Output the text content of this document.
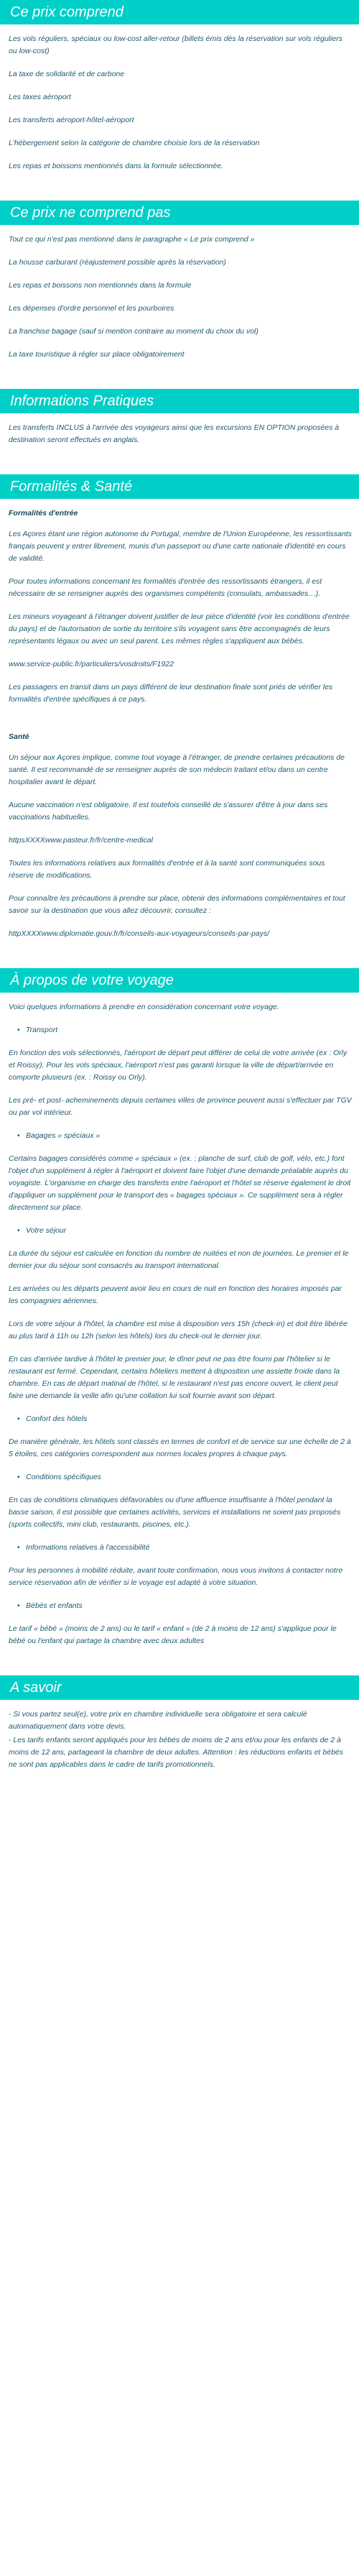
Ce prix comprend

Les vols réguliers, spéciaux ou low-cost aller-retour (billets émis dès la réservation sur vols réguliers ou low-cost)

La taxe de solidarité et de carbone

Les taxes aéroport

Les transferts aéroport-hôtel-aéroport

L'hébergement selon la catégorie de chambre choisie lors de la réservation

Les repas et boissons mentionnés dans la formule sélectionnée.

Ce prix ne comprend pas

Tout ce qui n'est pas mentionné dans le paragraphe « Le prix comprend »

La housse carburant (réajustement possible après la réservation)

Les repas et boissons non mentionnés dans la formule

Les dépenses d'ordre personnel et les pourboires

La franchise bagage (sauf si mention contraire au moment du choix du vol)

La taxe touristique à régler sur place obligatoirement

Informations Pratiques

Les transferts INCLUS à l'arrivée des voyageurs ainsi que les excursions EN OPTION proposées à destination seront effectués en anglais.

Formalités & Santé

Formalités d'entrée

Les Açores étant une région autonome du Portugal, membre de l'Union Européenne, les ressortissants français peuvent y entrer librement, munis d'un passeport ou d'une carte nationale d'identité en cours de validité.

Pour toutes informations concernant les formalités d'entrée des ressortissants étrangers, il est nécessaire de se renseigner auprès des organismes compétents (consulats, ambassades…).

Les mineurs voyageant à l'étranger doivent justifier de leur pièce d'identité (voir les conditions d'entrée du pays) et de l'autorisation de sortie du territoire s'ils voyagent sans être accompagnés de leurs représentants légaux ou avec un seul parent. Les mêmes règles s'appliquent aux bébés.

www.service-public.fr/particuliers/vosdroits/F1922

Les passagers en transit dans un pays différent de leur destination finale sont priés de vérifier les formalités d'entrée spécifiques à ce pays.

Santé

Un séjour aux Açores implique, comme tout voyage à l'étranger, de prendre certaines précautions de santé. Il est recommandé de se renseigner auprès de son médecin traitant et/ou dans un centre hospitalier avant le départ.

Aucune vaccination n'est obligatoire. Il est toutefois conseillé de s'assurer d'être à jour dans ses vaccinations habituelles.

httpsXXXXwww.pasteur.fr/fr/centre-medical

Toutes les informations relatives aux formalités d'entrée et à la santé sont communiquées sous réserve de modifications.

Pour connaître les précautions à prendre sur place, obtenir des informations complémentaires et tout savoir sur la destination que vous allez découvrir, consultez :

httpXXXXwww.diplomatie.gouv.fr/fr/conseils-aux-voyageurs/conseils-par-pays/

À propos de votre voyage

Voici quelques informations à prendre en considération concernant votre voyage.

• Transport

En fonction des vols sélectionnés, l'aéroport de départ peut différer de celui de votre arrivée (ex : Orly et Roissy). Pour les vols spéciaux, l'aéroport n'est pas garanti lorsque la ville de départ/arrivée en comporte plusieurs (ex. : Roissy ou Orly).

Les pré- et post- acheminements depuis certaines villes de province peuvent aussi s'effectuer par TGV ou par vol intérieur.

• Bagages « spéciaux »

Certains bagages considérés comme « spéciaux » (ex. : planche de surf, club de golf, vélo, etc.) font l'objet d'un supplément à régler à l'aéroport et doivent faire l'objet d'une demande préalable auprès du voyagiste. L'organisme en charge des transferts entre l'aéroport et l'hôtel se réserve également le droit d'appliquer un supplément pour le transport des « bagages spéciaux ». Ce supplément sera à régler directement sur place.

• Votre séjour

La durée du séjour est calculée en fonction du nombre de nuitées et non de journées. Le premier et le dernier jour du séjour sont consacrés au transport international.

Les arrivées ou les départs peuvent avoir lieu en cours de nuit en fonction des horaires imposés par les compagnies aériennes.

Lors de votre séjour à l'hôtel, la chambre est mise à disposition vers 15h (check-in) et doit être libérée au plus tard à 11h ou 12h (selon les hôtels) lors du check-out le dernier jour.

En cas d'arrivée tardive à l'hôtel le premier jour, le dîner peut ne pas être fourni par l'hôtelier si le restaurant est fermé. Cependant, certains hôteliers mettent à disposition une assiette froide dans la chambre. En cas de départ matinal de l'hôtel, si le restaurant n'est pas encore ouvert, le client peut faire une demande la veille afin qu'une collation lui soit fournie avant son départ.

• Confort des hôtels

De manière générale, les hôtels sont classés en termes de confort et de service sur une échelle de 2 à 5 étoiles, ces catégories correspondent aux normes locales propres à chaque pays.

• Conditions spécifiques

En cas de conditions climatiques défavorables ou d'une affluence insuffisante à l'hôtel pendant la basse saison, il est possible que certaines activités, services et installations ne soient pas proposés (sports collectifs, mini club, restaurants, piscines, etc.).

• Informations relatives à l'accessibilité

Pour les personnes à mobilité réduite, avant toute confirmation, nous vous invitons à contacter notre service réservation afin de vérifier si le voyage est adapté à votre situation.

• Bébés et enfants

Le tarif « bébé » (moins de 2 ans) ou le tarif « enfant » (de 2 à moins de 12 ans) s'applique pour le bébé ou l'enfant qui partage la chambre avec deux adultes

A savoir

- Si vous partez seul(e), votre prix en chambre individuelle sera obligatoire et sera calculé automatiquement dans votre devis.

- Les tarifs enfants seront appliqués pour les bébés de moins de 2 ans et/ou pour les enfants de 2 à moins de 12 ans, partageant la chambre de deux adultes. Attention : les réductions enfants et bébés ne sont pas applicables dans le cadre de tarifs promotionnels.
